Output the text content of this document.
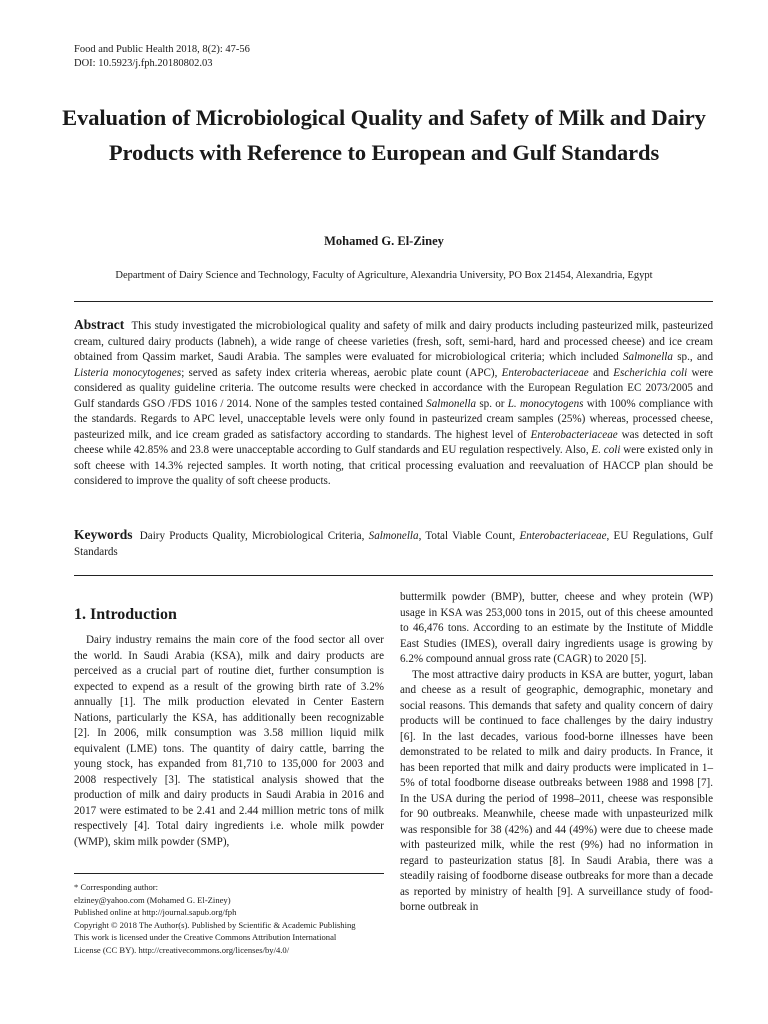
Food and Public Health 2018, 8(2): 47-56
DOI: 10.5923/j.fph.20180802.03
Evaluation of Microbiological Quality and Safety of Milk and Dairy Products with Reference to European and Gulf Standards
Mohamed G. El-Ziney
Department of Dairy Science and Technology, Faculty of Agriculture, Alexandria University, PO Box 21454, Alexandria, Egypt
Abstract This study investigated the microbiological quality and safety of milk and dairy products including pasteurized milk, pasteurized cream, cultured dairy products (labneh), a wide range of cheese varieties (fresh, soft, semi-hard, hard and processed cheese) and ice cream obtained from Qassim market, Saudi Arabia. The samples were evaluated for microbiological criteria; which included Salmonella sp., and Listeria monocytogenes; served as safety index criteria whereas, aerobic plate count (APC), Enterobacteriaceae and Escherichia coli were considered as quality guideline criteria. The outcome results were checked in accordance with the European Regulation EC 2073/2005 and Gulf standards GSO /FDS 1016 / 2014. None of the samples tested contained Salmonella sp. or L. monocytogens with 100% compliance with the standards. Regards to APC level, unacceptable levels were only found in pasteurized cream samples (25%) whereas, processed cheese, pasteurized milk, and ice cream graded as satisfactory according to standards. The highest level of Enterobacteriaceae was detected in soft cheese while 42.85% and 23.8 were unacceptable according to Gulf standards and EU regulation respectively. Also, E. coli were existed only in soft cheese with 14.3% rejected samples. It worth noting, that critical processing evaluation and reevaluation of HACCP plan should be considered to improve the quality of soft cheese products.
Keywords Dairy Products Quality, Microbiological Criteria, Salmonella, Total Viable Count, Enterobacteriaceae, EU Regulations, Gulf Standards
1. Introduction

Dairy industry remains the main core of the food sector all over the world. In Saudi Arabia (KSA), milk and dairy products are perceived as a crucial part of routine diet, further consumption is expected to expend as a result of the growing birth rate of 3.2% annually [1]. The milk production elevated in Center Eastern Nations, particularly the KSA, has additionally been recognizable [2]. In 2006, milk consumption was 3.58 million liquid milk equivalent (LME) tons. The quantity of dairy cattle, barring the young stock, has expanded from 81,710 to 135,000 for 2003 and 2008 respectively [3]. The statistical analysis showed that the production of milk and dairy products in Saudi Arabia in 2016 and 2017 were estimated to be 2.41 and 2.44 million metric tons of milk respectively [4]. Total dairy ingredients i.e. whole milk powder (WMP), skim milk powder (SMP),

buttermilk powder (BMP), butter, cheese and whey protein (WP) usage in KSA was 253,000 tons in 2015, out of this cheese amounted to 46,476 tons. According to an estimate by the Institute of Middle East Studies (IMES), overall dairy ingredients usage is growing by 6.2% compound annual gross rate (CAGR) to 2020 [5].

The most attractive dairy products in KSA are butter, yogurt, laban and cheese as a result of geographic, demographic, monetary and social reasons. This demands that safety and quality concern of dairy products will be continued to face challenges by the dairy industry [6]. In the last decades, various food-borne illnesses have been demonstrated to be related to milk and dairy products. In France, it has been reported that milk and dairy products were implicated in 1–5% of total foodborne disease outbreaks between 1988 and 1998 [7]. In the USA during the period of 1998–2011, cheese was responsible for 90 outbreaks. Meanwhile, cheese made with unpasteurized milk was responsible for 38 (42%) and 44 (49%) were due to cheese made with pasteurized milk, while the rest (9%) had no information in regard to pasteurization status [8]. In Saudi Arabia, there was a steadily raising of foodborne disease outbreaks for more than a decade as reported by ministry of health [9]. A surveillance study of food-borne outbreak in

* Corresponding author:
elziney@yahoo.com (Mohamed G. El-Ziney)
Published online at http://journal.sapub.org/fph
Copyright © 2018 The Author(s). Published by Scientific & Academic Publishing
This work is licensed under the Creative Commons Attribution International
License (CC BY). http://creativecommons.org/licenses/by/4.0/
